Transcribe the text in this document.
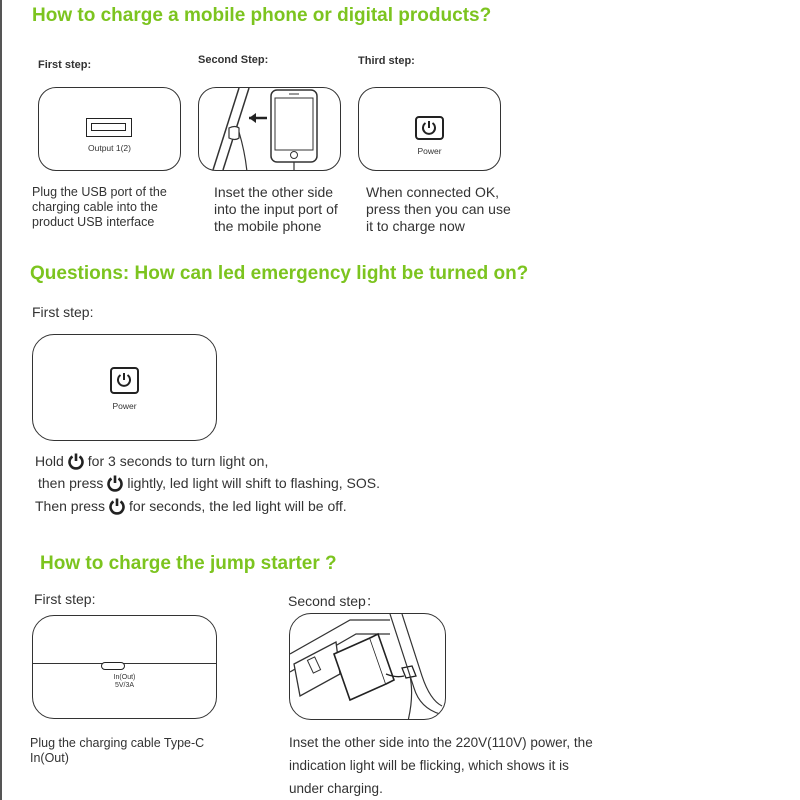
How to charge a mobile phone or digital products?
First step:	Second Step:	Third step:
Output 1(2)	Power
Plug the USB port of the
charging cable into the
product USB interface
Inset the other side
into the input port of
the mobile phone
When connected OK,
press then you can use
it to charge now
Questions: How can led emergency light be turned on?
First step:
Power
Hold for 3 seconds to turn light on,
then press lightly, led light will shift to flashing, SOS.
Then press for seconds, the led light will be off.
How to charge the jump starter ?
First step:	Second step：
In(Out)
5V/3A
Plug the charging cable Type-C
In(Out)
Inset the other side into the 220V(110V) power, the
indication light will be flicking, which shows it is
under charging.
